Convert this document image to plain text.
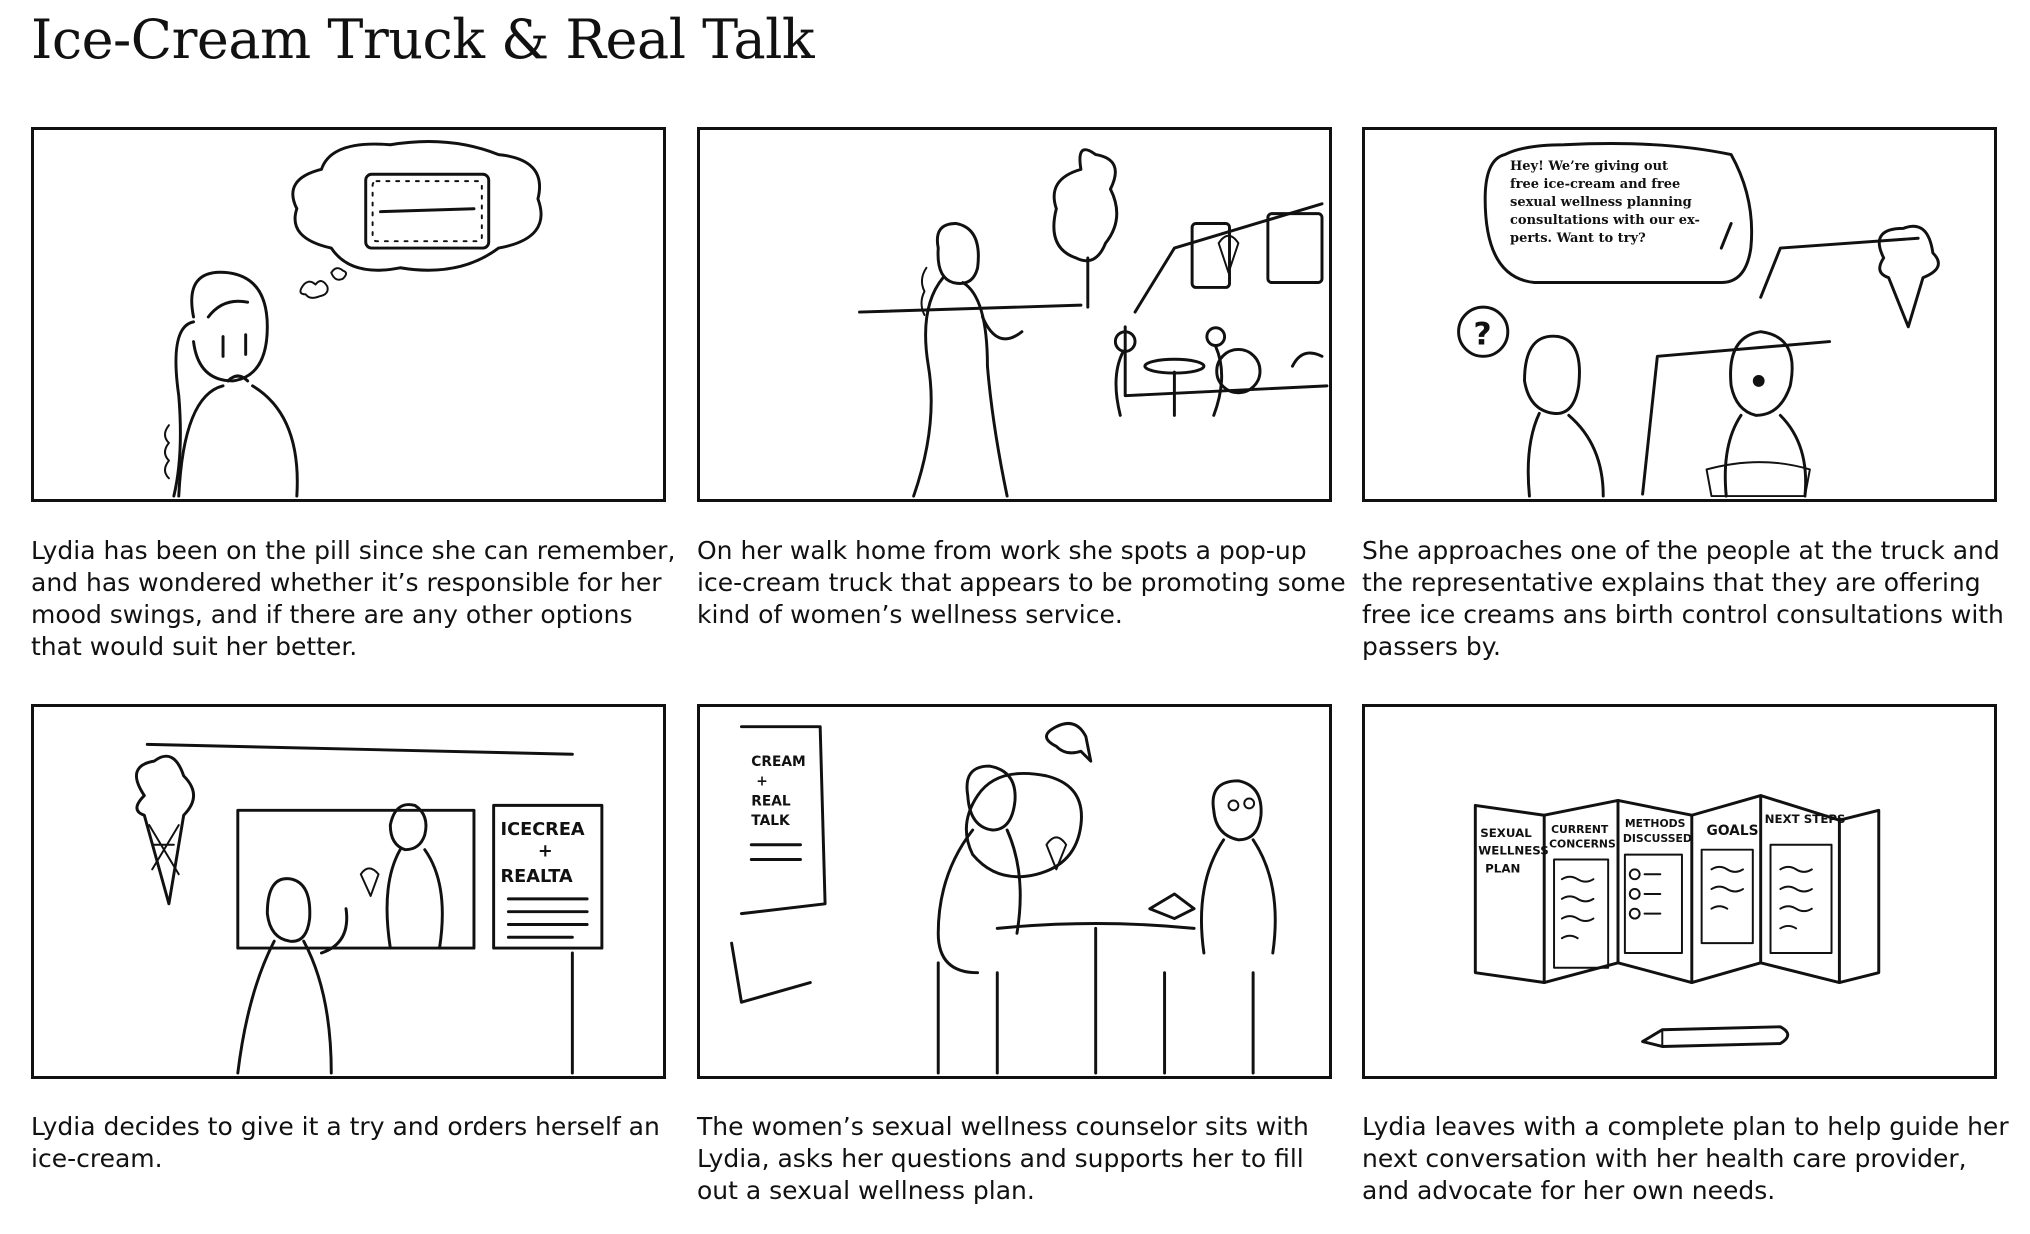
Ice-Cream Truck & Real Talk
Lydia has been on the pill since she can remember, and has wondered whether it’s responsible for her mood swings, and if there are any other options that would suit her better.
On her walk home from work she spots a pop-up ice-cream truck that appears to be promoting some kind of women’s wellness service.
?
Hey! We’re giving out free ice-cream and free sexual wellness planning consultations with our ex-perts. Want to try?
She approaches one of the people at the truck and the representative explains that they are offering free ice creams ans birth control consultations with passers by.
ICECREA
+
REALTA
Lydia decides to give it a try and orders herself an ice-cream.
CREAM
+
REAL
TALK
The women’s sexual wellness counselor sits with Lydia, asks her questions and supports her to fill out a sexual wellness plan.
SEXUAL
WELLNESS
PLAN
CURRENT
CONCERNS
METHODS
DISCUSSED GOALS
NEXT STEPS
Lydia leaves with a complete plan to help guide her next conversation with her health care provider, and advocate for her own needs.
